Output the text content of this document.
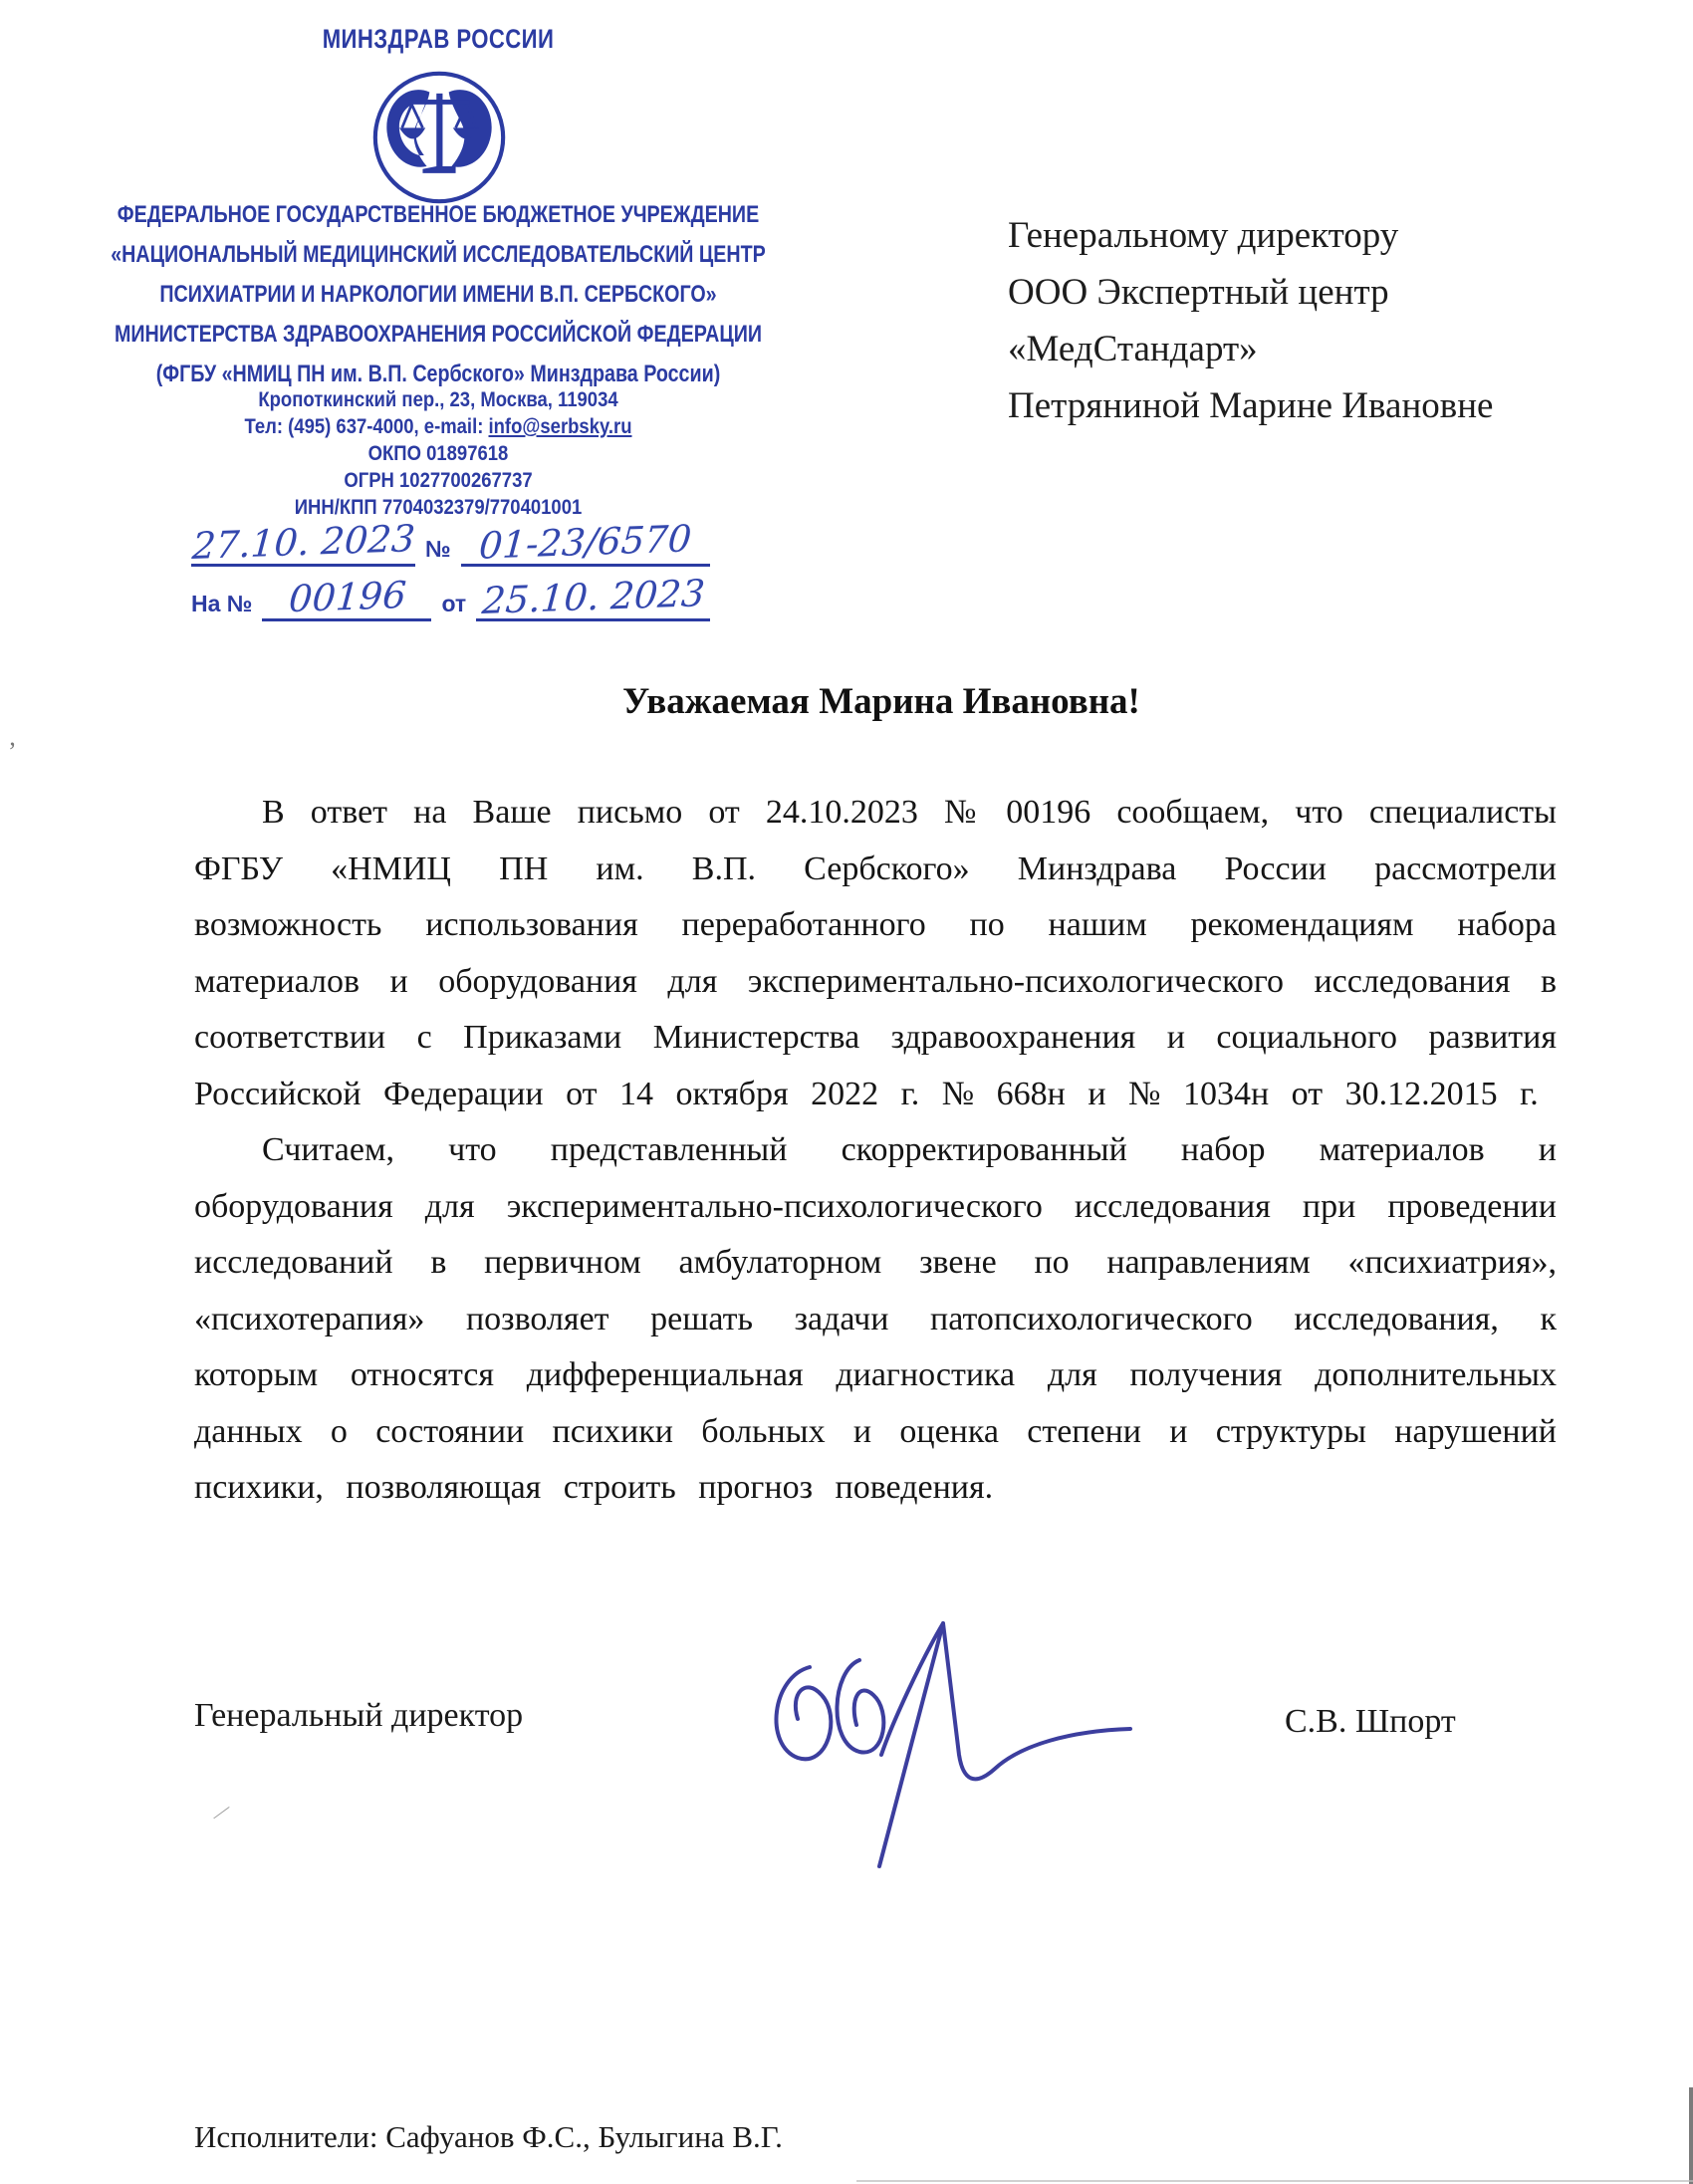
МИНЗДРАВ РОССИИ
ФЕДЕРАЛЬНОЕ ГОСУДАРСТВЕННОЕ БЮДЖЕТНОЕ УЧРЕЖДЕНИЕ
«НАЦИОНАЛЬНЫЙ МЕДИЦИНСКИЙ ИССЛЕДОВАТЕЛЬСКИЙ ЦЕНТР
ПСИХИАТРИИ И НАРКОЛОГИИ ИМЕНИ В.П. СЕРБСКОГО»
МИНИСТЕРСТВА ЗДРАВООХРАНЕНИЯ РОССИЙСКОЙ ФЕДЕРАЦИИ
(ФГБУ «НМИЦ ПН им. В.П. Сербского» Минздрава России)
Кропоткинский пер., 23, Москва, 119034
Тел: (495) 637-4000, e-mail: info@serbsky.ru
ОКПО 01897618
ОГРН 1027700267737
ИНН/КПП 7704032379/770401001
27.10. 2023 № 01-23/6570
На № 00196	от 25.10. 2023
Генеральному директору
ООО Экспертный центр
«МедСтандарт»
Петряниной Марине Ивановне
Уважаемая Марина Ивановна!

В ответ на Ваше письмо от 24.10.2023 № 00196 сообщаем, что специалисты ФГБУ «НМИЦ ПН им. В.П. Сербского» Минздрава России рассмотрели возможность использования переработанного по нашим рекомендациям набора материалов и оборудования для экспериментально-психологического исследования в соответствии с Приказами Министерства здравоохранения и социального развития Российской Федерации от 14 октября 2022 г. № 668н и № 1034н от 30.12.2015 г.

Считаем, что представленный скорректированный набор материалов и оборудования для экспериментально-психологического исследования при проведении исследований в первичном амбулаторном звене по направлениям «психиатрия», «психотерапия» позволяет решать задачи патопсихологического исследования, к которым относятся дифференциальная диагностика для получения дополнительных данных о состоянии психики больных и оценка степени и структуры нарушений психики, позволяющая строить прогноз поведения.

Генеральный директор	С.В. Шпорт
Исполнители: Сафуанов Ф.С., Булыгина В.Г.
’
⁄
